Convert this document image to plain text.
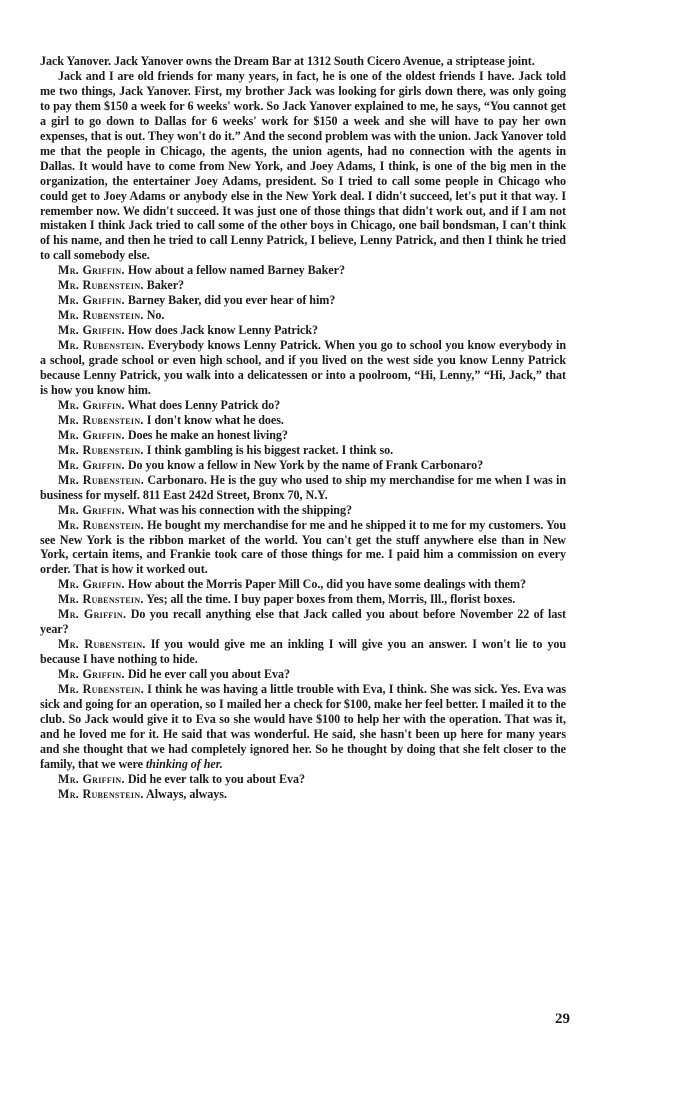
Jack Yanover. Jack Yanover owns the Dream Bar at 1312 South Cicero Avenue, a striptease joint.

Jack and I are old friends for many years, in fact, he is one of the oldest friends I have. Jack told me two things, Jack Yanover. First, my brother Jack was looking for girls down there, was only going to pay them $150 a week for 6 weeks' work. So Jack Yanover explained to me, he says, “You cannot get a girl to go down to Dallas for 6 weeks' work for $150 a week and she will have to pay her own expenses, that is out. They won't do it.” And the second problem was with the union. Jack Yanover told me that the people in Chicago, the agents, the union agents, had no connection with the agents in Dallas. It would have to come from New York, and Joey Adams, I think, is one of the big men in the organization, the entertainer Joey Adams, president. So I tried to call some people in Chicago who could get to Joey Adams or anybody else in the New York deal. I didn't succeed, let's put it that way. I remember now. We didn't succeed. It was just one of those things that didn't work out, and if I am not mistaken I think Jack tried to call some of the other boys in Chicago, one bail bondsman, I can't think of his name, and then he tried to call Lenny Patrick, I believe, Lenny Patrick, and then I think he tried to call somebody else.

Mr. Griffin. How about a fellow named Barney Baker?

Mr. Rubenstein. Baker?

Mr. Griffin. Barney Baker, did you ever hear of him?

Mr. Rubenstein. No.

Mr. Griffin. How does Jack know Lenny Patrick?

Mr. Rubenstein. Everybody knows Lenny Patrick. When you go to school you know everybody in a school, grade school or even high school, and if you lived on the west side you know Lenny Patrick because Lenny Patrick, you walk into a delicatessen or into a poolroom, “Hi, Lenny,” “Hi, Jack,” that is how you know him.

Mr. Griffin. What does Lenny Patrick do?

Mr. Rubenstein. I don't know what he does.

Mr. Griffin. Does he make an honest living?

Mr. Rubenstein. I think gambling is his biggest racket. I think so.

Mr. Griffin. Do you know a fellow in New York by the name of Frank Carbonaro?

Mr. Rubenstein. Carbonaro. He is the guy who used to ship my merchandise for me when I was in business for myself. 811 East 242d Street, Bronx 70, N.Y.

Mr. Griffin. What was his connection with the shipping?

Mr. Rubenstein. He bought my merchandise for me and he shipped it to me for my customers. You see New York is the ribbon market of the world. You can't get the stuff anywhere else than in New York, certain items, and Frankie took care of those things for me. I paid him a commission on every order. That is how it worked out.

Mr. Griffin. How about the Morris Paper Mill Co., did you have some dealings with them?

Mr. Rubenstein. Yes; all the time. I buy paper boxes from them, Morris, Ill., florist boxes.

Mr. Griffin. Do you recall anything else that Jack called you about before November 22 of last year?

Mr. Rubenstein. If you would give me an inkling I will give you an answer. I won't lie to you because I have nothing to hide.

Mr. Griffin. Did he ever call you about Eva?

Mr. Rubenstein. I think he was having a little trouble with Eva, I think. She was sick. Yes. Eva was sick and going for an operation, so I mailed her a check for $100, make her feel better. I mailed it to the club. So Jack would give it to Eva so she would have $100 to help her with the operation. That was it, and he loved me for it. He said that was wonderful. He said, she hasn't been up here for many years and she thought that we had completely ignored her. So he thought by doing that she felt closer to the family, that we were thinking of her.

Mr. Griffin. Did he ever talk to you about Eva?

Mr. Rubenstein. Always, always.

29
